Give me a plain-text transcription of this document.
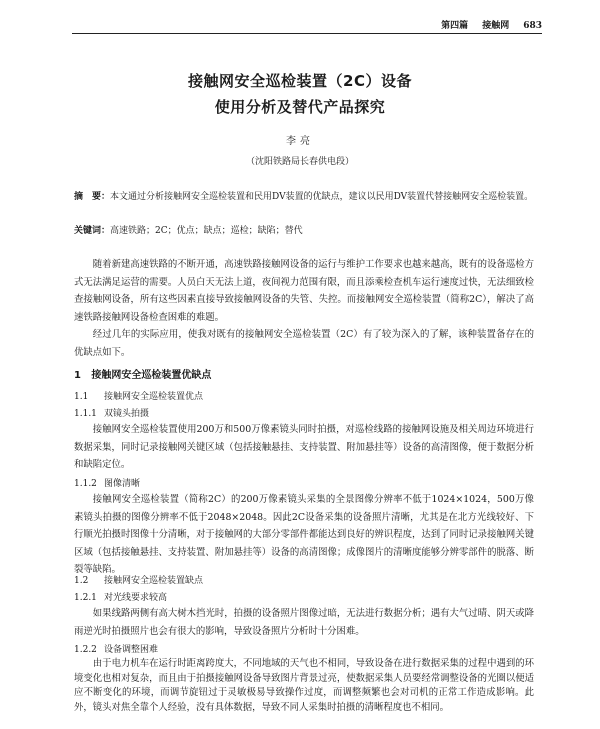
第四篇 接触网 683
接触网安全巡检装置（2C）设备
使用分析及替代产品探究
李亮
（沈阳铁路局长春供电段）
摘　要：本文通过分析接触网安全巡检装置和民用DV装置的优缺点，建议以民用DV装置代替接触网安全巡检装置。
关键词：高速铁路；2C；优点；缺点；巡检；缺陷；替代

随着新建高速铁路的不断开通，高速铁路接触网设备的运行与维护工作要求也越来越高，既有的设备巡检方式无法满足运营的需要。人员白天无法上道，夜间视力范围有限，而且添乘检查机车运行速度过快，无法细致检查接触网设备，所有这些因素直接导致接触网设备的失管、失控。而接触网安全巡检装置（简称2C），解决了高速铁路接触网设备检查困难的难题。

经过几年的实际应用，使我对既有的接触网安全巡检装置（2C）有了较为深入的了解，该种装置备存在的优缺点如下。

1 接触网安全巡检装置优缺点
1.1 接触网安全巡检装置优点
1.1.1 双镜头拍摄

接触网安全巡检装置使用200万和500万像素镜头同时拍摄，对巡检线路的接触网设施及相关周边环境进行数据采集，同时记录接触网关键区域（包括接触悬挂、支持装置、附加悬挂等）设备的高清图像，便于数据分析和缺陷定位。

1.1.2 图像清晰

接触网安全巡检装置（简称2C）的200万像素镜头采集的全景图像分辨率不低于1024×1024，500万像素镜头拍摄的图像分辨率不低于2048×2048。因此2C设备采集的设备照片清晰，尤其是在北方光线较好、下行顺光拍摄时图像十分清晰，对于接触网的大部分零部件都能达到良好的辨识程度，达到了同时记录接触网关键区域（包括接触悬挂、支持装置、附加悬挂等）设备的高清图像；成像图片的清晰度能够分辨零部件的脱落、断裂等缺陷。

1.2 接触网安全巡检装置缺点
1.2.1 对光线要求较高

如果线路两侧有高大树木挡光时，拍摄的设备照片图像过暗，无法进行数据分析；遇有大气过晴、阴天或降雨逆光时拍摄照片也会有很大的影响，导致设备照片分析时十分困难。

1.2.2 设备调整困难

由于电力机车在运行时距离跨度大，不同地域的天气也不相同，导致设备在进行数据采集的过程中遇到的环境变化也相对复杂，而且由于拍摄接触网设备导致图片背景过亮，使数据采集人员要经常调整设备的光圈以便适应不断变化的环境，而调节旋钮过于灵敏极易导致操作过度，而调整频繁也会对司机的正常工作造成影响。此外，镜头对焦全靠个人经验，没有具体数据，导致不同人采集时拍摄的清晰程度也不相同。
